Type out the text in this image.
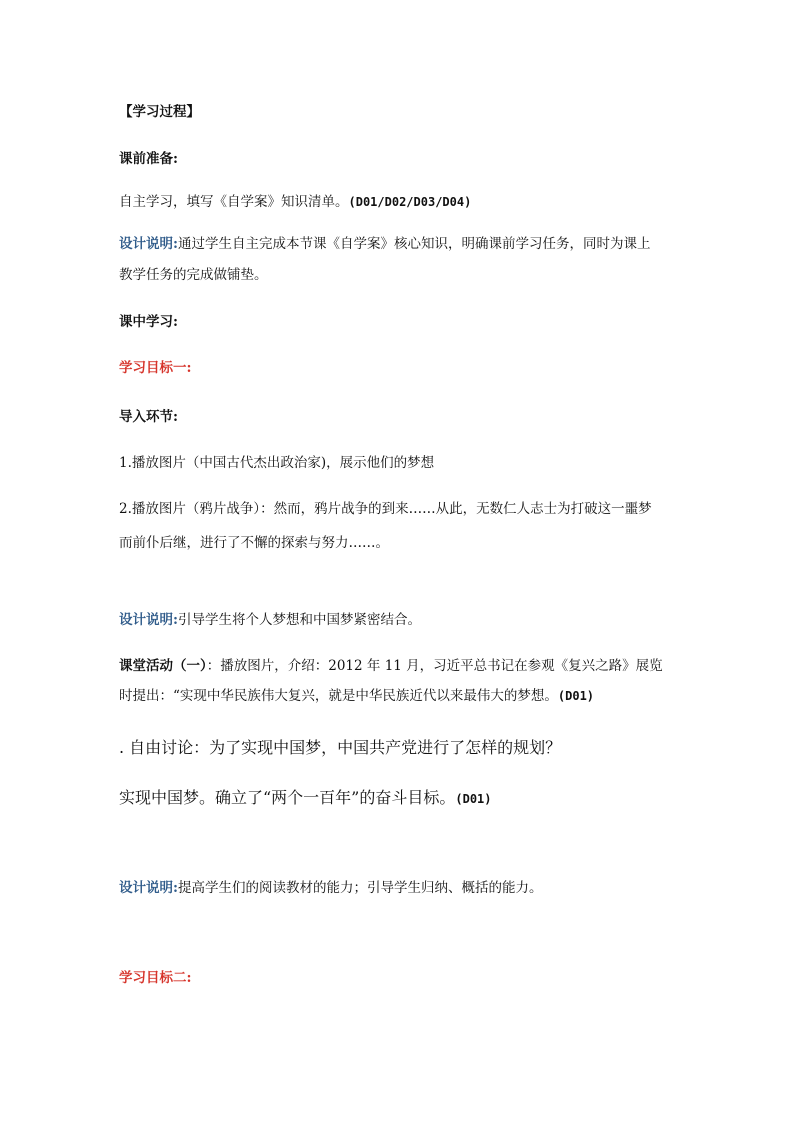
【学习过程】
课前准备:
自主学习，填写《自学案》知识清单。(D01/D02/D03/D04)
设计说明:通过学生自主完成本节课《自学案》核心知识，明确课前学习任务，同时为课上
教学任务的完成做铺垫。
课中学习:
学习目标一:
导入环节:
1.播放图片（中国古代杰出政治家)，展示他们的梦想
2.播放图片（鸦片战争）：然而，鸦片战争的到来……从此，无数仁人志士为打破这一噩梦
而前仆后继，进行了不懈的探索与努力……。
设计说明:引导学生将个人梦想和中国梦紧密结合。
课堂活动（一）：播放图片，介绍：2012 年 11 月，习近平总书记在参观《复兴之路》展览
时提出：“实现中华民族伟大复兴，就是中华民族近代以来最伟大的梦想。(D01)
. 自由讨论：为了实现中国梦，中国共产党进行了怎样的规划？
实现中国梦。确立了“两个一百年”的奋斗目标。(D01)
设计说明:提高学生们的阅读教材的能力；引导学生归纳、概括的能力。
学习目标二:
